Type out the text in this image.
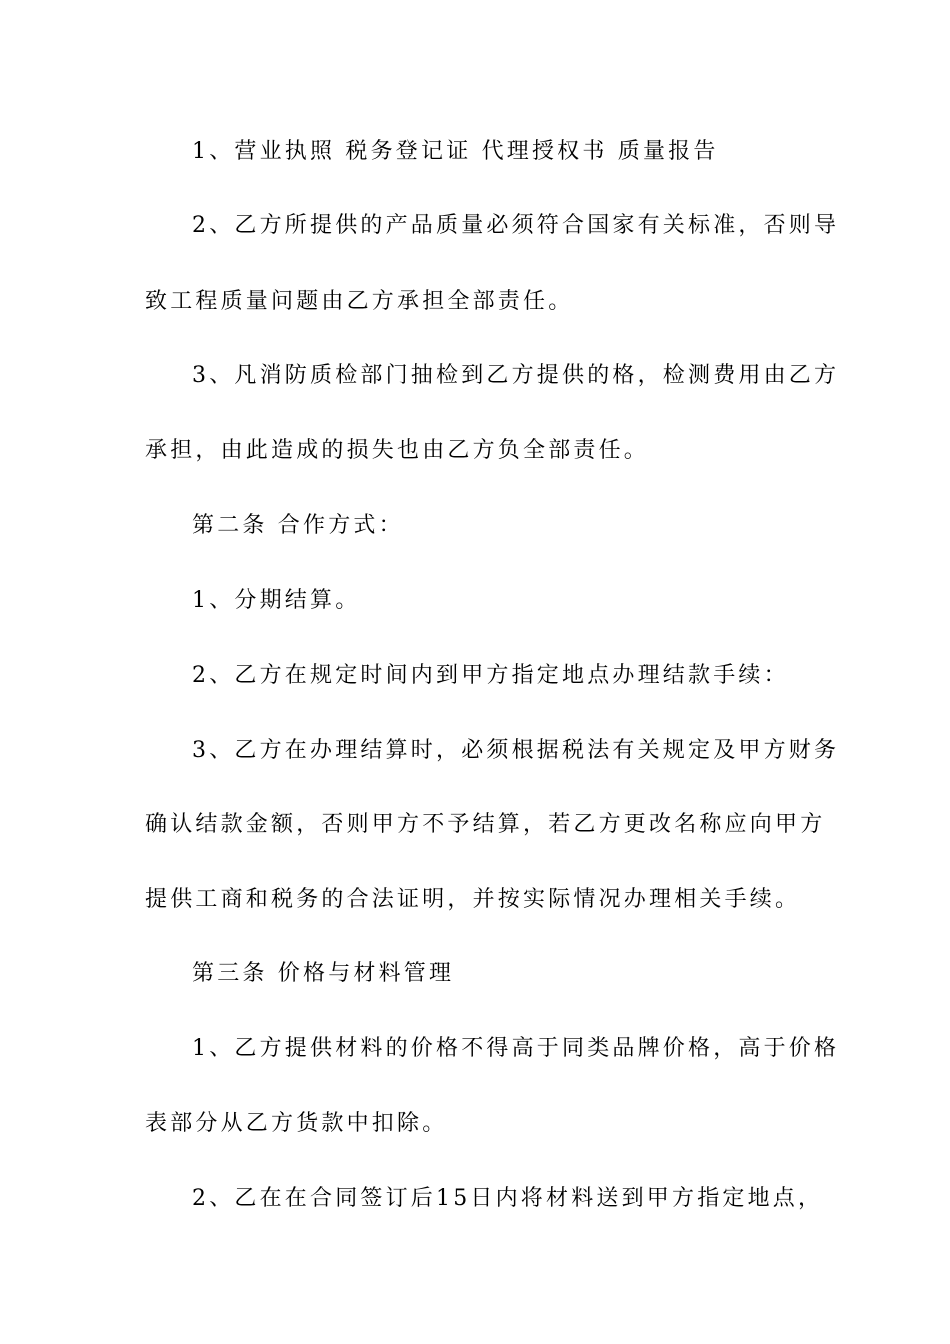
1、营业执照 税务登记证 代理授权书 质量报告
2、乙方所提供的产品质量必须符合国家有关标准，否则导
致工程质量问题由乙方承担全部责任。
3、凡消防质检部门抽检到乙方提供的格，检测费用由乙方
承担，由此造成的损失也由乙方负全部责任。
第二条 合作方式：
1、分期结算。
2、乙方在规定时间内到甲方指定地点办理结款手续：
3、乙方在办理结算时，必须根据税法有关规定及甲方财务
确认结款金额，否则甲方不予结算，若乙方更改名称应向甲方
提供工商和税务的合法证明，并按实际情况办理相关手续。
第三条 价格与材料管理
1、乙方提供材料的价格不得高于同类品牌价格，高于价格
表部分从乙方货款中扣除。
2、乙在在合同签订后15日内将材料送到甲方指定地点，
